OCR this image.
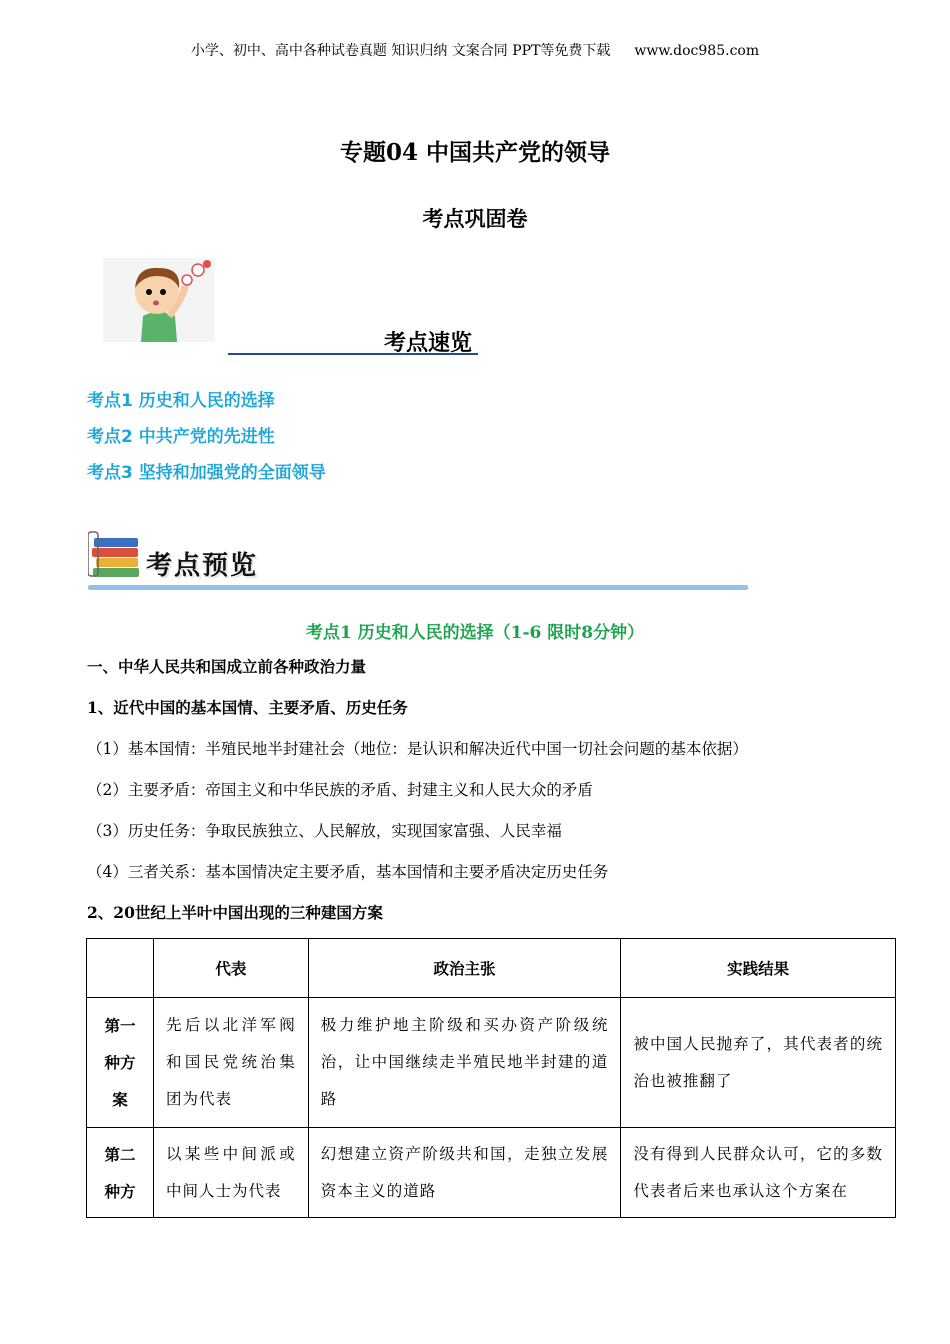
小学、初中、高中各种试卷真题 知识归纳 文案合同 PPT等免费下载 www.doc985.com
专题04 中国共产党的领导
考点巩固卷
考点速览
考点1 历史和人民的选择
考点2 中共产党的先进性
考点3 坚持和加强党的全面领导
考点预览
考点1 历史和人民的选择（1-6 限时8分钟）
一、中华人民共和国成立前各种政治力量
1、近代中国的基本国情、主要矛盾、历史任务
（1）基本国情：半殖民地半封建社会（地位：是认识和解决近代中国一切社会问题的基本依据）
（2）主要矛盾：帝国主义和中华民族的矛盾、封建主义和人民大众的矛盾
（3）历史任务：争取民族独立、人民解放，实现国家富强、人民幸福
（4）三者关系：基本国情决定主要矛盾，基本国情和主要矛盾决定历史任务
2、20世纪上半叶中国出现的三种建国方案
	代表	政治主张	实践结果

第一
种方
案	先后以北洋军阀和国民党统治集团为代表	极力维护地主阶级和买办资产阶级统治，让中国继续走半殖民地半封建的道路	被中国人民抛弃了，其代表者的统治也被推翻了

第二
种方	以某些中间派或中间人士为代表	幻想建立资产阶级共和国，走独立发展资本主义的道路	没有得到人民群众认可，它的多数代表者后来也承认这个方案在
